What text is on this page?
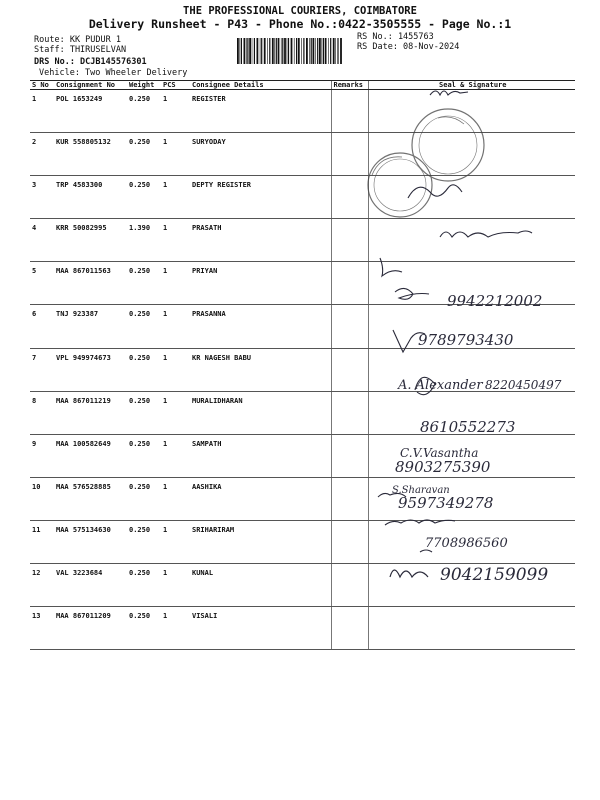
THE PROFESSIONAL COURIERS, COIMBATORE
Delivery Runsheet - P43 - Phone No.:0422-3505555 - Page No.:1
Route: KK PUDUR 1
Staff: THIRUSELVAN
DRS No.: DCJB145576301
Vehicle: Two Wheeler Delivery
RS No.: 1455763
RS Date: 08-Nov-2024
S No	Consignment No	Weight	PCS	Consignee Details	Remarks	Seal & Signature
1	POL 1653249	0.250	1	REGISTER		
2	KUR 558805132	0.250	1	SURYODAY		
3	TRP 4583300	0.250	1	DEPTY REGISTER		
4	KRR 50082995	1.390	1	PRASATH		
5	MAA 867011563	0.250	1	PRIYAN		
6	TNJ 923387	0.250	1	PRASANNA		
7	VPL 949974673	0.250	1	KR NAGESH BABU		
8	MAA 867011219	0.250	1	MURALIDHARAN		
9	MAA 100582649	0.250	1	SAMPATH		
10	MAA 576528885	0.250	1	AASHIKA		
11	MAA 575134630	0.250	1	SRIHARIRAM		
12	VAL 3223684	0.250	1	KUNAL		
13	MAA 867011209	0.250	1	VISALI		
9942212002
9789793430
A. Alexander 8220450497
8610552273
C.V.Vasantha
8903275390
S.Sharavan
9597349278
7708986560
9042159099
